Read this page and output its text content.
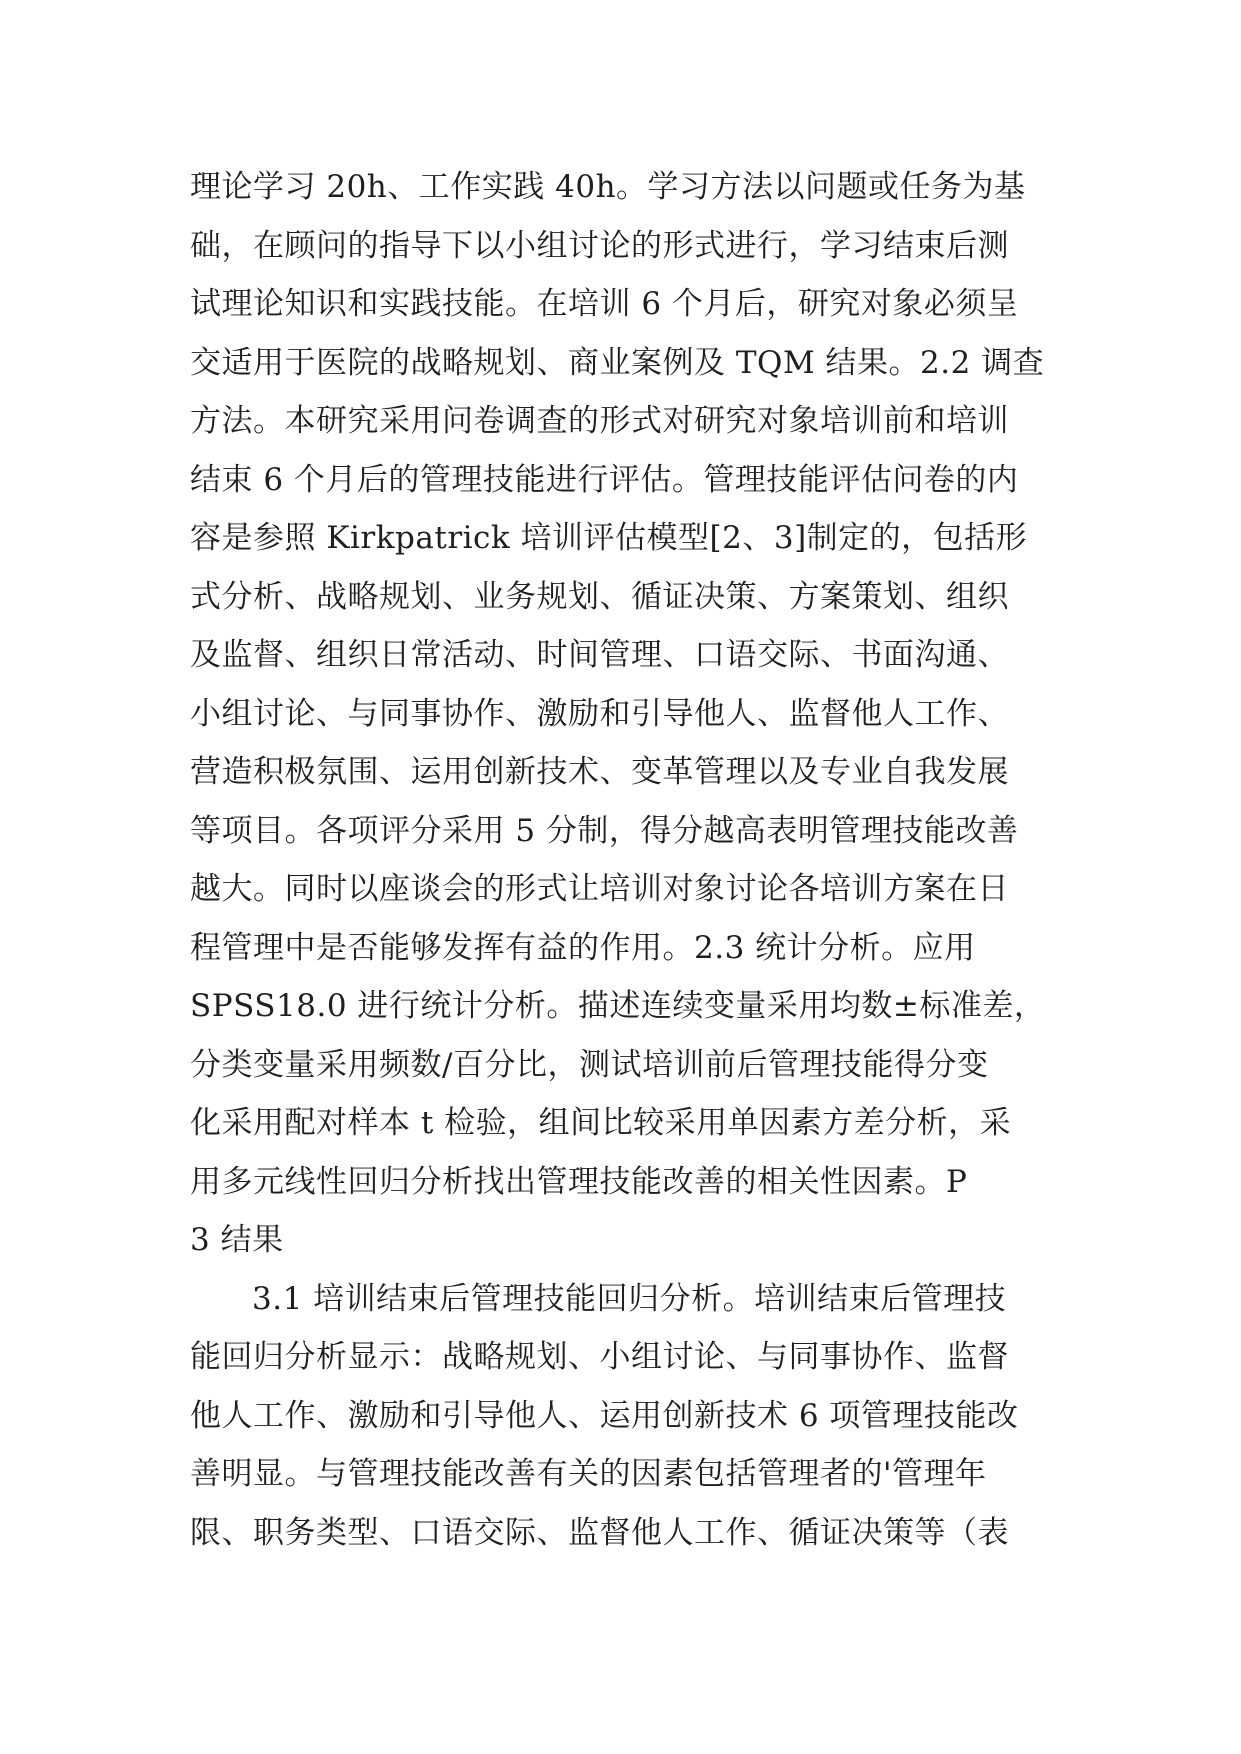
理论学习 20h、工作实践 40h。学习方法以问题或任务为基
础，在顾问的指导下以小组讨论的形式进行，学习结束后测
试理论知识和实践技能。在培训 6 个月后，研究对象必须呈
交适用于医院的战略规划、商业案例及 TQM 结果。2.2 调查
方法。本研究采用问卷调查的形式对研究对象培训前和培训
结束 6 个月后的管理技能进行评估。管理技能评估问卷的内
容是参照 Kirkpatrick 培训评估模型[2、3]制定的，包括形
式分析、战略规划、业务规划、循证决策、方案策划、组织
及监督、组织日常活动、时间管理、口语交际、书面沟通、
小组讨论、与同事协作、激励和引导他人、监督他人工作、
营造积极氛围、运用创新技术、变革管理以及专业自我发展
等项目。各项评分采用 5 分制，得分越高表明管理技能改善
越大。同时以座谈会的形式让培训对象讨论各培训方案在日
程管理中是否能够发挥有益的作用。2.3 统计分析。应用
SPSS18.0 进行统计分析。描述连续变量采用均数±标准差，
分类变量采用频数/百分比，测试培训前后管理技能得分变
化采用配对样本 t 检验，组间比较采用单因素方差分析，采
用多元线性回归分析找出管理技能改善的相关性因素。P
3 结果
3.1 培训结束后管理技能回归分析。培训结束后管理技
能回归分析显示：战略规划、小组讨论、与同事协作、监督
他人工作、激励和引导他人、运用创新技术 6 项管理技能改
善明显。与管理技能改善有关的因素包括管理者的'管理年
限、职务类型、口语交际、监督他人工作、循证决策等（表
